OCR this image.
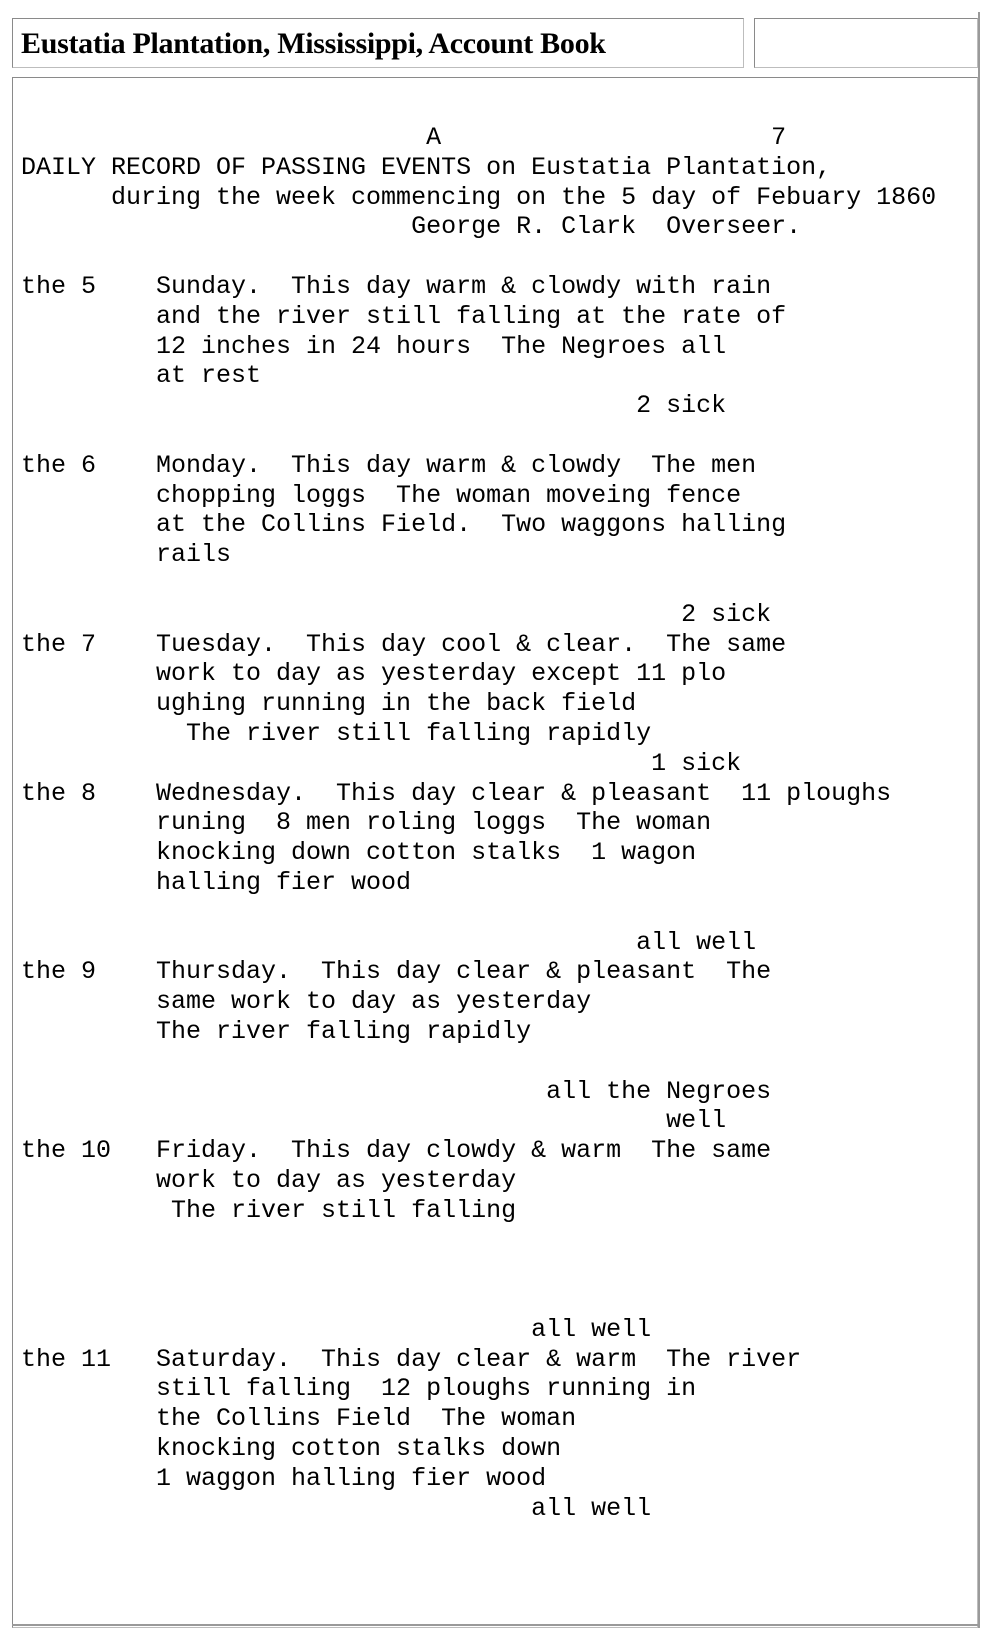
Eustatia Plantation, Mississippi, Account Book
A                      7
DAILY RECORD OF PASSING EVENTS on Eustatia Plantation,
during the week commencing on the 5 day of Febuary 1860
George R. Clark  Overseer.

the 5    Sunday.  This day warm & clowdy with rain
and the river still falling at the rate of
12 inches in 24 hours  The Negroes all
at rest
2 sick

the 6    Monday.  This day warm & clowdy  The men
chopping loggs  The woman moveing fence
at the Collins Field.  Two waggons halling
rails

2 sick
the 7    Tuesday.  This day cool & clear.  The same
work to day as yesterday except 11 plo
ughing running in the back field
The river still falling rapidly
1 sick
the 8    Wednesday.  This day clear & pleasant  11 ploughs
runing  8 men roling loggs  The woman
knocking down cotton stalks  1 wagon
halling fier wood

all well
the 9    Thursday.  This day clear & pleasant  The
same work to day as yesterday
The river falling rapidly

all the Negroes
well
the 10   Friday.  This day clowdy & warm  The same
work to day as yesterday
The river still falling

all well
the 11   Saturday.  This day clear & warm  The river
still falling  12 ploughs running in
the Collins Field  The woman
knocking cotton stalks down
1 waggon halling fier wood
all well
